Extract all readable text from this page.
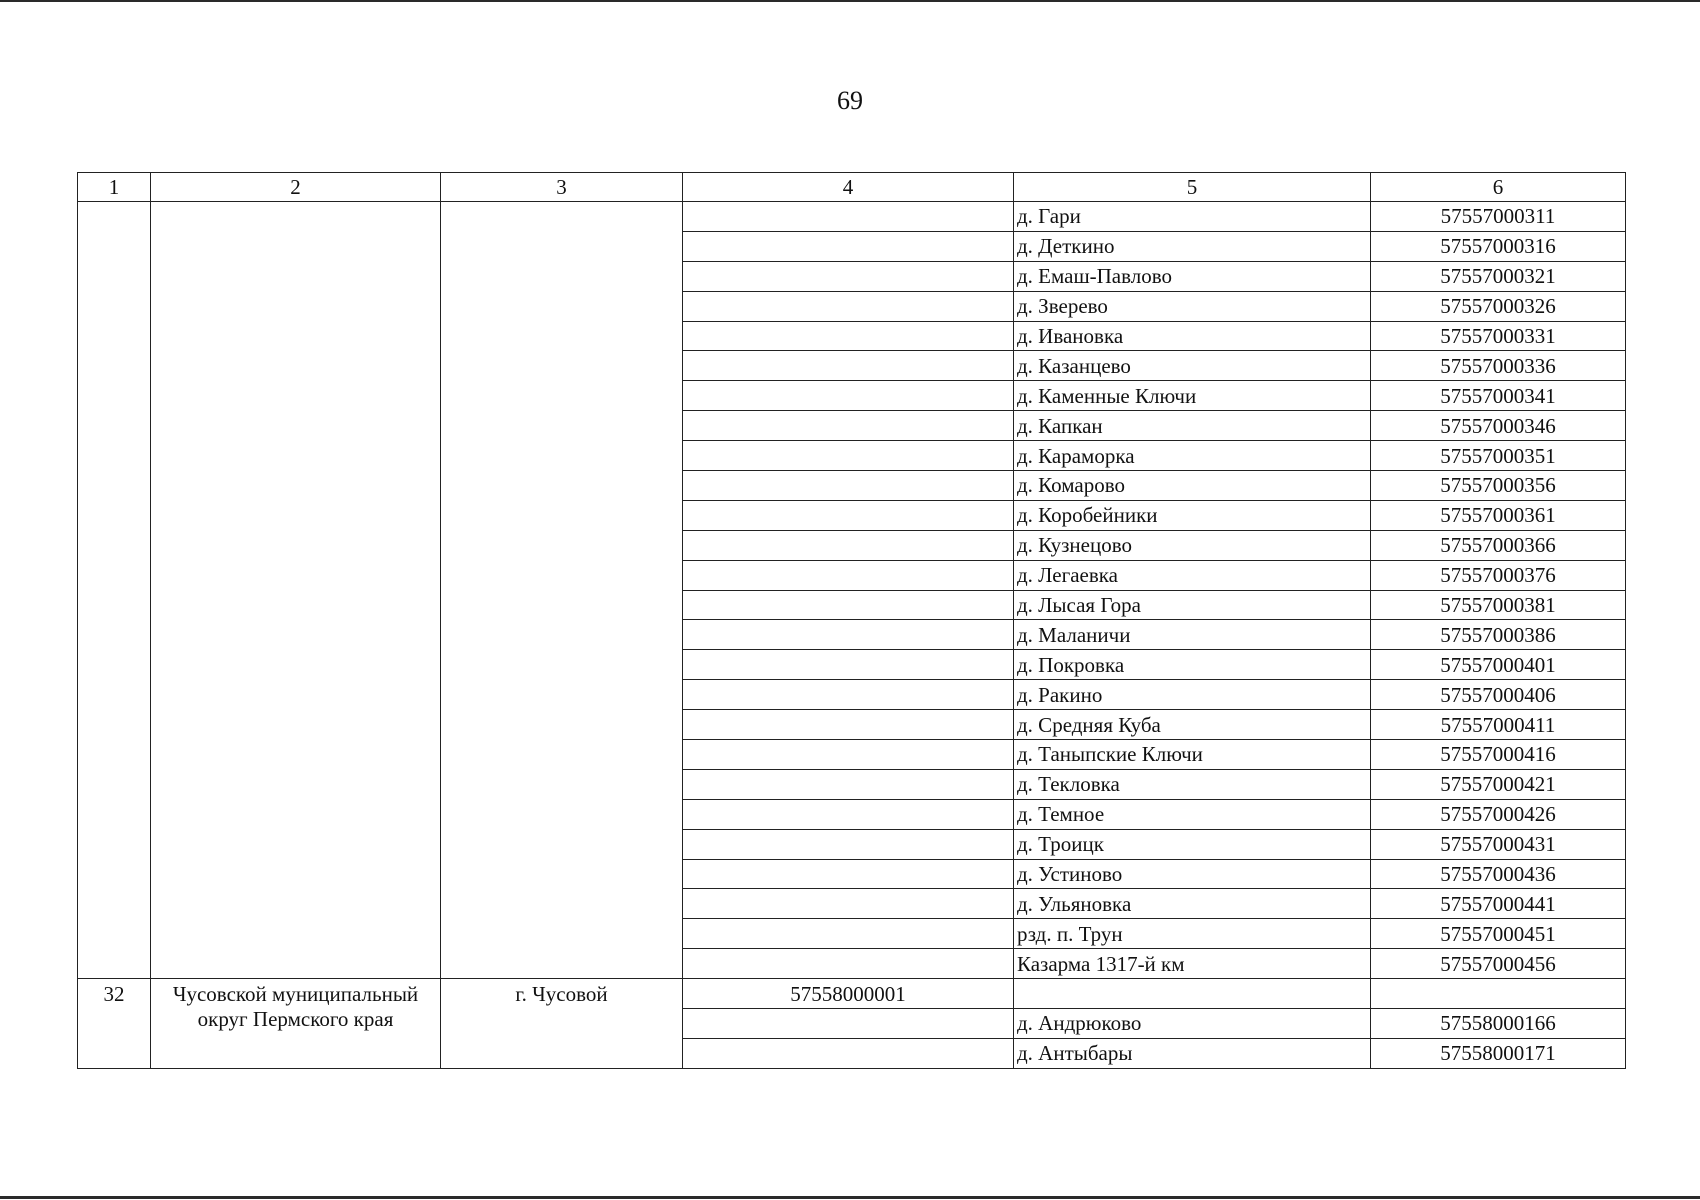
69
1	2	3	4	5	6
				д. Гари	57557000311
				д. Деткино	57557000316
				д. Емаш-Павлово	57557000321
				д. Зверево	57557000326
				д. Ивановка	57557000331
				д. Казанцево	57557000336
				д. Каменные Ключи	57557000341
				д. Капкан	57557000346
				д. Караморка	57557000351
				д. Комарово	57557000356
				д. Коробейники	57557000361
				д. Кузнецово	57557000366
				д. Легаевка	57557000376
				д. Лысая Гора	57557000381
				д. Маланичи	57557000386
				д. Покровка	57557000401
				д. Ракино	57557000406
				д. Средняя Куба	57557000411
				д. Таныпские Ключи	57557000416
				д. Текловка	57557000421
				д. Темное	57557000426
				д. Троицк	57557000431
				д. Устиново	57557000436
				д. Ульяновка	57557000441
				рзд. п. Трун	57557000451
				Казарма 1317-й км	57557000456
32	Чусовской муниципальный округ Пермского края	г. Чусовой	57558000001		
				д. Андрюково	57558000166
				д. Антыбары	57558000171
